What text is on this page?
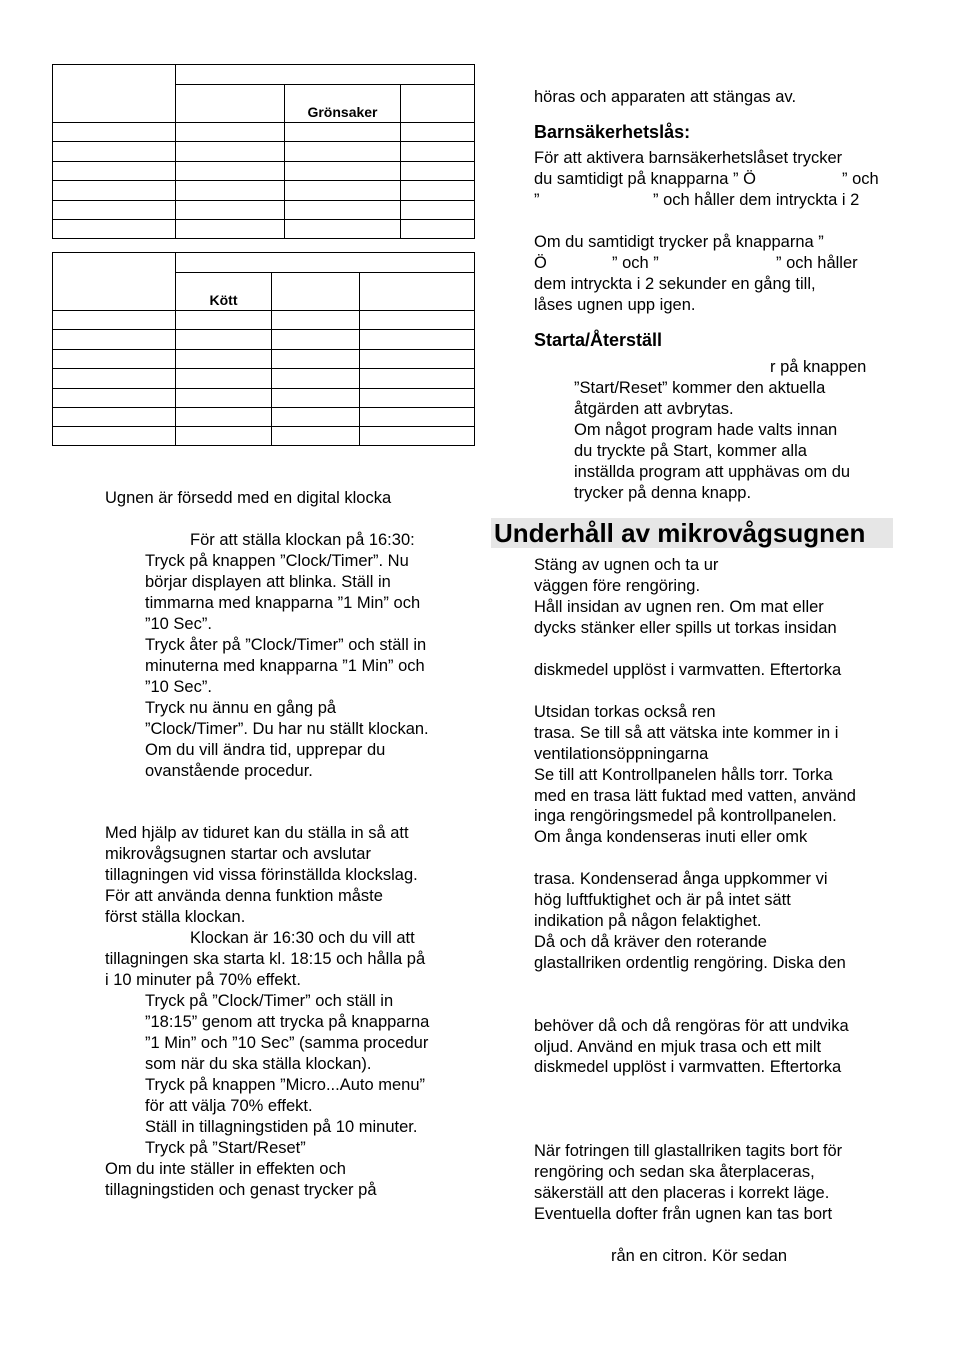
		Grönsaker	

	Kött		

Ugnen är försedd med en digital klocka
För att ställa klockan på 16:30:
Tryck på knappen ”Clock/Timer”. Nu
börjar displayen att blinka. Ställ in
timmarna med knapparna ”1 Min” och
”10 Sec”.
Tryck åter på ”Clock/Timer” och ställ in
minuterna med knapparna ”1 Min” och
”10 Sec”.
Tryck nu ännu en gång på
”Clock/Timer”. Du har nu ställt klockan.
Om du vill ändra tid, upprepar du
ovanstående procedur.
Med hjälp av tiduret kan du ställa in så att
mikrovågsugnen startar och avslutar
tillagningen vid vissa förinställda klockslag.
För att använda denna funktion måste
först ställa klockan.
Klockan är 16:30 och du vill att
tillagningen ska starta kl. 18:15 och hålla på
i 10 minuter på 70% effekt.
Tryck på ”Clock/Timer” och ställ in
”18:15” genom att trycka på knapparna
”1 Min” och ”10 Sec” (samma procedur
som när du ska ställa klockan).
Tryck på knappen ”Micro...Auto menu”
för att välja 70% effekt.
Ställ in tillagningstiden på 10 minuter.
Tryck på ”Start/Reset”
Om du inte ställer in effekten och
tillagningstiden och genast trycker på
höras och apparaten att stängas av.
Barnsäkerhetslås:
För att aktivera barnsäkerhetslåset trycker
du samtidigt på knapparna ” Ö	” och
”	” och håller dem intryckta i 2
Om du samtidigt trycker på knapparna ”
Ö	” och ”	” och håller
dem intryckta i 2 sekunder en gång till,
låses ugnen upp igen.
Starta/Återställ
r på knappen
”Start/Reset” kommer den aktuella
åtgärden att avbrytas.
Om något program hade valts innan
du tryckte på Start, kommer alla
inställda program att upphävas om du
trycker på denna knapp.
Underhåll av mikrovågsugnen
Stäng av ugnen och ta ur
väggen före rengöring.
Håll insidan av ugnen ren. Om mat eller
dycks stänker eller spills ut torkas insidan
diskmedel upplöst i varmvatten. Eftertorka
Utsidan torkas också ren
trasa. Se till så att vätska inte kommer in i
ventilationsöppningarna
Se till att Kontrollpanelen hålls torr. Torka
med en trasa lätt fuktad med vatten, använd
inga rengöringsmedel på kontrollpanelen.
Om ånga kondenseras inuti eller omk
trasa. Kondenserad ånga uppkommer vi
hög luftfuktighet och är på intet sätt
indikation på någon felaktighet.
Då och då kräver den roterande
glastallriken ordentlig rengöring. Diska den
behöver då och då rengöras för att undvika
oljud. Använd en mjuk trasa och ett milt
diskmedel upplöst i varmvatten. Eftertorka
När fotringen till glastallriken tagits bort för
rengöring och sedan ska återplaceras,
säkerställ att den placeras i korrekt läge.
Eventuella dofter från ugnen kan tas bort
rån en citron. Kör sedan
